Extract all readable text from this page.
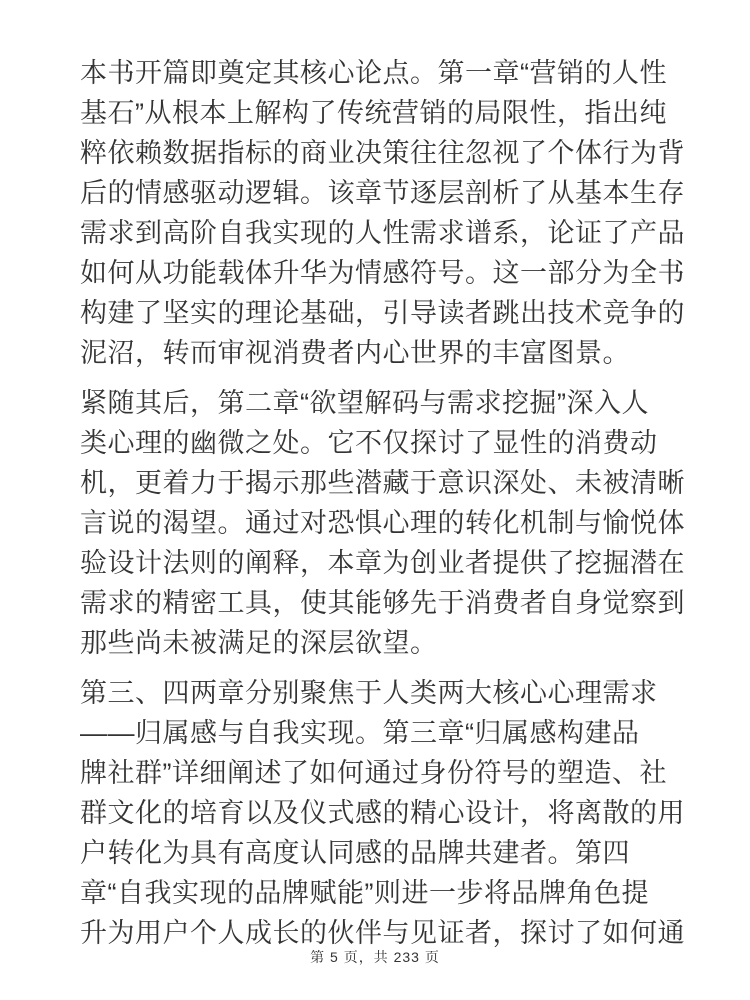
本书开篇即奠定其核心论点。第一章“营销的人性
基石”从根本上解构了传统营销的局限性，指出纯
粹依赖数据指标的商业决策往往忽视了个体行为背
后的情感驱动逻辑。该章节逐层剖析了从基本生存
需求到高阶自我实现的人性需求谱系，论证了产品
如何从功能载体升华为情感符号。这一部分为全书
构建了坚实的理论基础，引导读者跳出技术竞争的
泥沼，转而审视消费者内心世界的丰富图景。
紧随其后，第二章“欲望解码与需求挖掘”深入人
类心理的幽微之处。它不仅探讨了显性的消费动
机，更着力于揭示那些潜藏于意识深处、未被清晰
言说的渴望。通过对恐惧心理的转化机制与愉悦体
验设计法则的阐释，本章为创业者提供了挖掘潜在
需求的精密工具，使其能够先于消费者自身觉察到
那些尚未被满足的深层欲望。
第三、四两章分别聚焦于人类两大核心心理需求
——归属感与自我实现。第三章“归属感构建品
牌社群”详细阐述了如何通过身份符号的塑造、社
群文化的培育以及仪式感的精心设计，将离散的用
户转化为具有高度认同感的品牌共建者。第四
章“自我实现的品牌赋能”则进一步将品牌角色提
升为用户个人成长的伙伴与见证者，探讨了如何通
第 5 页，共 233 页
